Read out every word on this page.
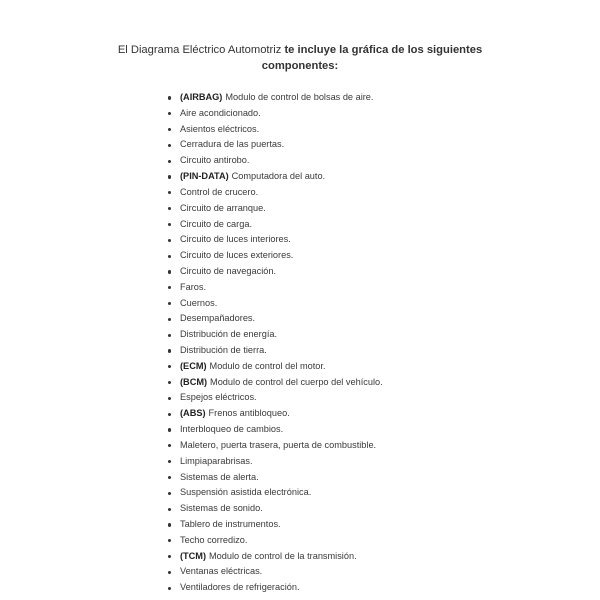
El Diagrama Eléctrico Automotriz te incluye la gráfica de los siguientes
componentes:
(AIRBAG) Modulo de control de bolsas de aire.
Aire acondicionado.
Asientos eléctricos.
Cerradura de las puertas.
Circuito antirobo.
(PIN-DATA) Computadora del auto.
Control de crucero.
Circuito de arranque.
Circuito de carga.
Circuito de luces interiores.
Circuito de luces exteriores.
Circuito de navegación.
Faros.
Cuernos.
Desempañadores.
Distribución de energía.
Distribución de tierra.
(ECM) Modulo de control del motor.
(BCM) Modulo de control del cuerpo del vehículo.
Espejos eléctricos.
(ABS) Frenos antibloqueo.
Interbloqueo de cambios.
Maletero, puerta trasera, puerta de combustible.
Limpiaparabrisas.
Sistemas de alerta.
Suspensión asistida electrónica.
Sistemas de sonido.
Tablero de instrumentos.
Techo corredizo.
(TCM) Modulo de control de la transmisión.
Ventanas eléctricas.
Ventiladores de refrigeración.
